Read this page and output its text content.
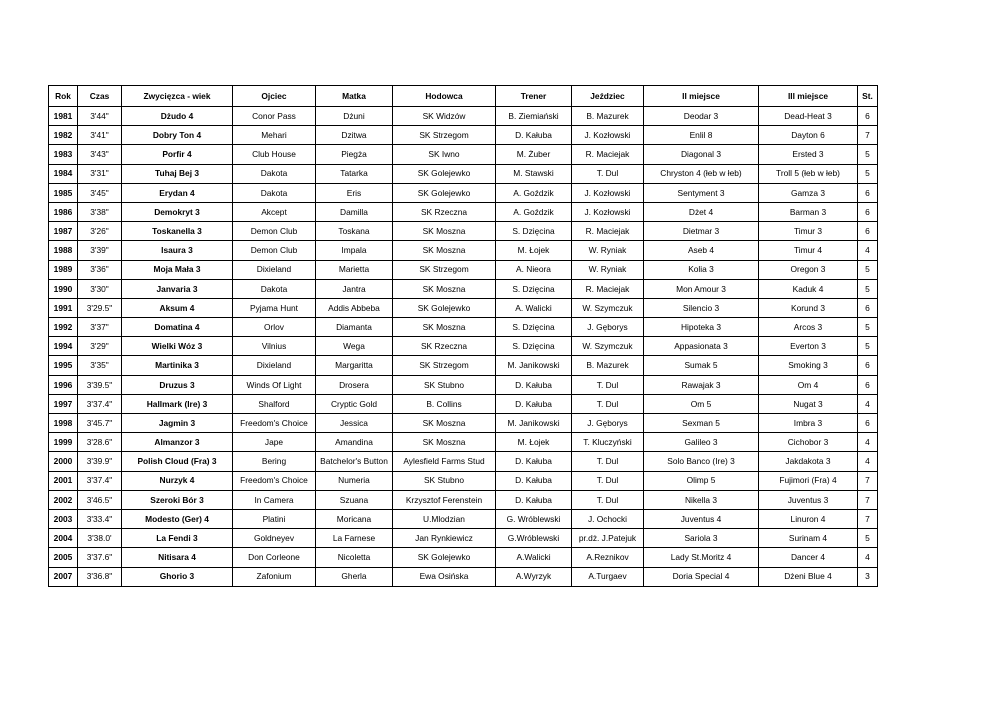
Rok	Czas	Zwycięzca - wiek	Ojciec	Matka	Hodowca	Trener	Jeździec	II miejsce	III miejsce	St.
1981	3'44"	Dżudo 4	Conor Pass	Dżuni	SK Widzów	B. Ziemiański	B. Mazurek	Deodar 3	Dead-Heat 3	6
1982	3'41"	Dobry Ton 4	Mehari	Dzitwa	SK Strzegom	D. Kałuba	J. Kozłowski	Enlil 8	Dayton 6	7
1983	3'43"	Porfir 4	Club House	Piegża	SK Iwno	M. Żuber	R. Maciejak	Diagonal 3	Ersted 3	5
1984	3'31"	Tuhaj Bej 3	Dakota	Tatarka	SK Golejewko	M. Stawski	T. Dul	Chryston 4 (łeb w łeb)	Troll 5 (łeb w łeb)	5
1985	3'45"	Erydan 4	Dakota	Eris	SK Golejewko	A. Goździk	J. Kozłowski	Sentyment 3	Gamza 3	6
1986	3'38"	Demokryt 3	Akcept	Damilla	SK Rzeczna	A. Goździk	J. Kozłowski	Dżet 4	Barman 3	6
1987	3'26"	Toskanella 3	Demon Club	Toskana	SK Moszna	S. Dzięcina	R. Maciejak	Dietmar 3	Timur 3	6
1988	3'39"	Isaura 3	Demon Club	Impala	SK Moszna	M. Łojek	W. Ryniak	Aseb 4	Timur 4	4
1989	3'36"	Moja Mała 3	Dixieland	Marietta	SK Strzegom	A. Nieora	W. Ryniak	Kolia 3	Oregon 3	5
1990	3'30"	Janvaria 3	Dakota	Jantra	SK Moszna	S. Dzięcina	R. Maciejak	Mon Amour 3	Kaduk 4	5
1991	3'29.5"	Aksum 4	Pyjama Hunt	Addis Abbeba	SK Golejewko	A. Walicki	W. Szymczuk	Silencio 3	Korund 3	6
1992	3'37"	Domatina 4	Orlov	Diamanta	SK Moszna	S. Dzięcina	J. Gęborys	Hipoteka 3	Arcos 3	5
1994	3'29"	Wielki Wóz 3	Vilnius	Wega	SK Rzeczna	S. Dzięcina	W. Szymczuk	Appasionata 3	Everton 3	5
1995	3'35"	Martinika 3	Dixieland	Margaritta	SK Strzegom	M. Janikowski	B. Mazurek	Sumak 5	Smoking 3	6
1996	3'39.5"	Druzus 3	Winds Of Light	Drosera	SK Stubno	D. Kałuba	T. Dul	Rawajak 3	Om 4	6
1997	3'37.4"	Hallmark (Ire) 3	Shalford	Cryptic Gold	B. Collins	D. Kałuba	T. Dul	Om 5	Nugat 3	4
1998	3'45.7"	Jagmin 3	Freedom's Choice	Jessica	SK Moszna	M. Janikowski	J. Gęborys	Sexman 5	Imbra 3	6
1999	3'28.6"	Almanzor 3	Jape	Amandina	SK Moszna	M. Łojek	T. Kluczyński	Galileo 3	Cichobor 3	4
2000	3'39.9"	Polish Cloud (Fra) 3	Bering	Batchelor's Button	Aylesfield Farms Stud	D. Kałuba	T. Dul	Solo Banco (Ire) 3	Jakdakota 3	4
2001	3'37.4"	Nurzyk 4	Freedom's Choice	Numeria	SK Stubno	D. Kałuba	T. Dul	Olimp 5	Fujimori (Fra) 4	7
2002	3'46.5"	Szeroki Bór 3	In Camera	Szuana	Krzysztof Ferenstein	D. Kałuba	T. Dul	Nikella 3	Juventus 3	7
2003	3'33.4"	Modesto (Ger) 4	Platini	Moricana	U.Mlodzian	G. Wróblewski	J. Ochocki	Juventus 4	Linuron 4	7
2004	3'38.0'	La Fendi 3	Goldneyev	La Farnese	Jan Rynkiewicz	G.Wróblewski	pr.dż. J.Patejuk	Sariola 3	Surinam 4	5
2005	3'37.6"	Nitisara 4	Don Corleone	Nicoletta	SK Golejewko	A.Walicki	A.Reznikov	Lady St.Moritz 4	Dancer 4	4
2007	3'36.8"	Ghorio 3	Zafonium	Gherla	Ewa Osińska	A.Wyrzyk	A.Turgaev	Doria Special 4	Dżeni Blue 4	3
